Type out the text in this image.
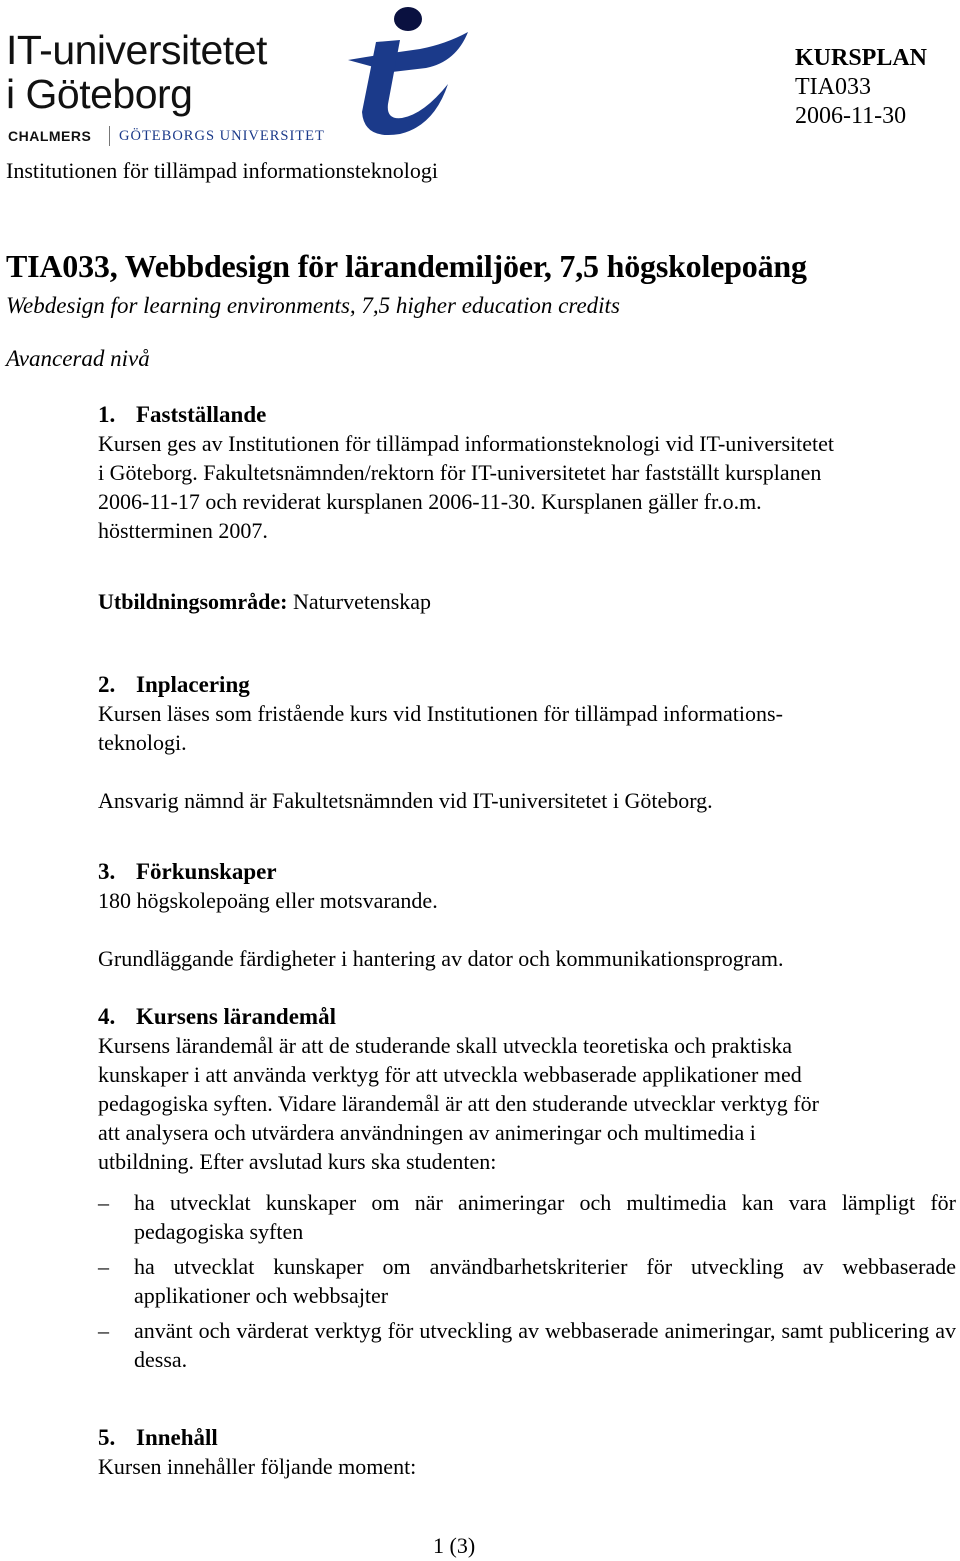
IT-universitetet
i Göteborg
CHALMERS GÖTEBORGS UNIVERSITET
KURSPLAN
TIA033
2006-11-30
Institutionen för tillämpad informationsteknologi
TIA033, Webbdesign för lärandemiljöer, 7,5 högskolepoäng
Webdesign for learning environments, 7,5 higher education credits
Avancerad nivå
1. Fastställande
Kursen ges av Institutionen för tillämpad informationsteknologi vid IT-universitetet
i Göteborg. Fakultetsnämnden/rektorn för IT-universitetet har fastställt kursplanen
2006-11-17 och reviderat kursplanen 2006-11-30. Kursplanen gäller fr.o.m.
höstterminen 2007.
Utbildningsområde: Naturvetenskap
2. Inplacering
Kursen läses som fristående kurs vid Institutionen för tillämpad informations-
teknologi.
Ansvarig nämnd är Fakultetsnämnden vid IT-universitetet i Göteborg.
3. Förkunskaper
180 högskolepoäng eller motsvarande.
Grundläggande färdigheter i hantering av dator och kommunikationsprogram.
4. Kursens lärandemål
Kursens lärandemål är att de studerande skall utveckla teoretiska och praktiska
kunskaper i att använda verktyg för att utveckla webbaserade applikationer med
pedagogiska syften. Vidare lärandemål är att den studerande utvecklar verktyg för
att analysera och utvärdera användningen av animeringar och multimedia i
utbildning. Efter avslutad kurs ska studenten:
– ha utvecklat kunskaper om när animeringar och multimedia kan vara lämpligt för pedagogiska syften
– ha utvecklat kunskaper om användbarhetskriterier för utveckling av webbaserade applikationer och webbsajter
– använt och värderat verktyg för utveckling av webbaserade animeringar, samt publicering av dessa.
5. Innehåll
Kursen innehåller följande moment:
1 (3)
